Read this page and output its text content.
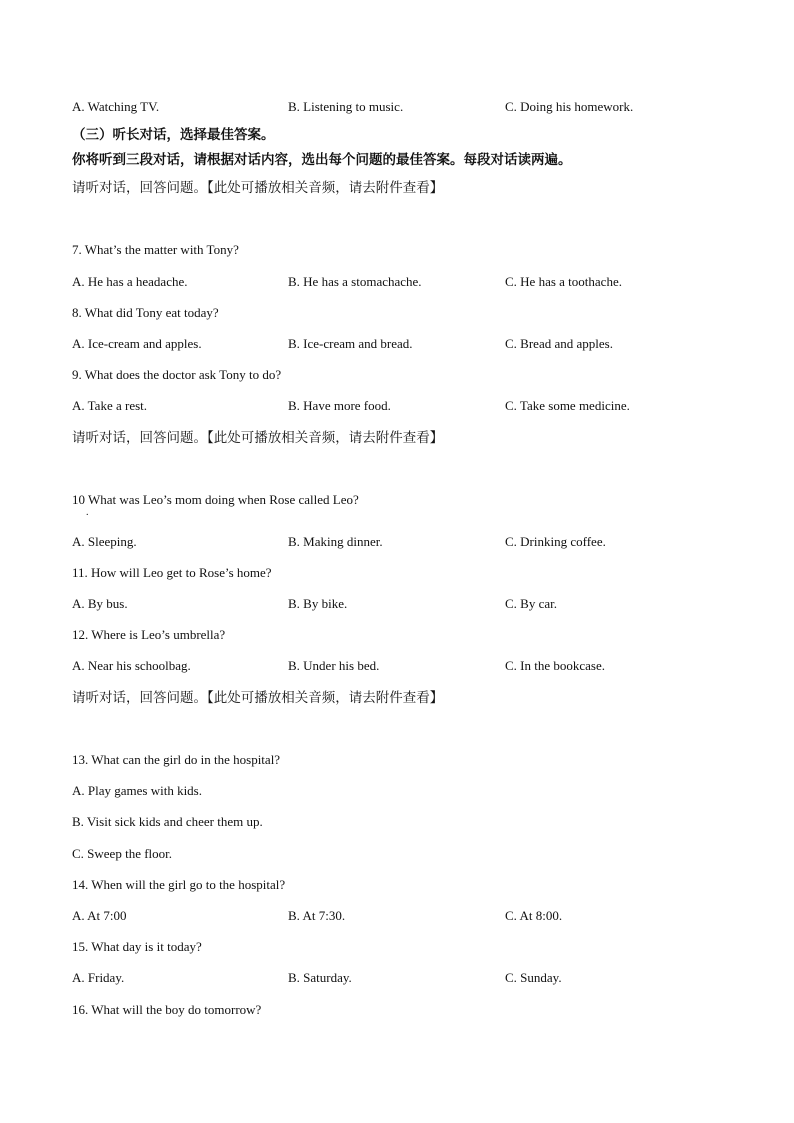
A. Watching TV.	B. Listening to music.	C. Doing his homework.
（三）听长对话，选择最佳答案。
你将听到三段对话，请根据对话内容，选出每个问题的最佳答案。每段对话读两遍。
请听对话，回答问题。【此处可播放相关音频，请去附件查看】
7. What’s the matter with Tony?
A. He has a headache.	B. He has a stomachache.	C. He has a toothache.
8. What did Tony eat today?
A. Ice-cream and apples.	B. Ice-cream and bread.	C. Bread and apples.
9. What does the doctor ask Tony to do?
A. Take a rest.	B. Have more food.	C. Take some medicine.
请听对话，回答问题。【此处可播放相关音频，请去附件查看】
10 What was Leo’s mom doing when Rose called Leo?
.
A. Sleeping.	B. Making dinner.	C. Drinking coffee.
11. How will Leo get to Rose’s home?
A. By bus.	B. By bike.	C. By car.
12. Where is Leo’s umbrella?
A. Near his schoolbag.	B. Under his bed.	C. In the bookcase.
请听对话，回答问题。【此处可播放相关音频，请去附件查看】
13. What can the girl do in the hospital?
A. Play games with kids.
B. Visit sick kids and cheer them up.
C. Sweep the floor.
14. When will the girl go to the hospital?
A. At 7:00	B. At 7:30.	C. At 8:00.
15. What day is it today?
A. Friday.	B. Saturday.	C. Sunday.
16. What will the boy do tomorrow?
